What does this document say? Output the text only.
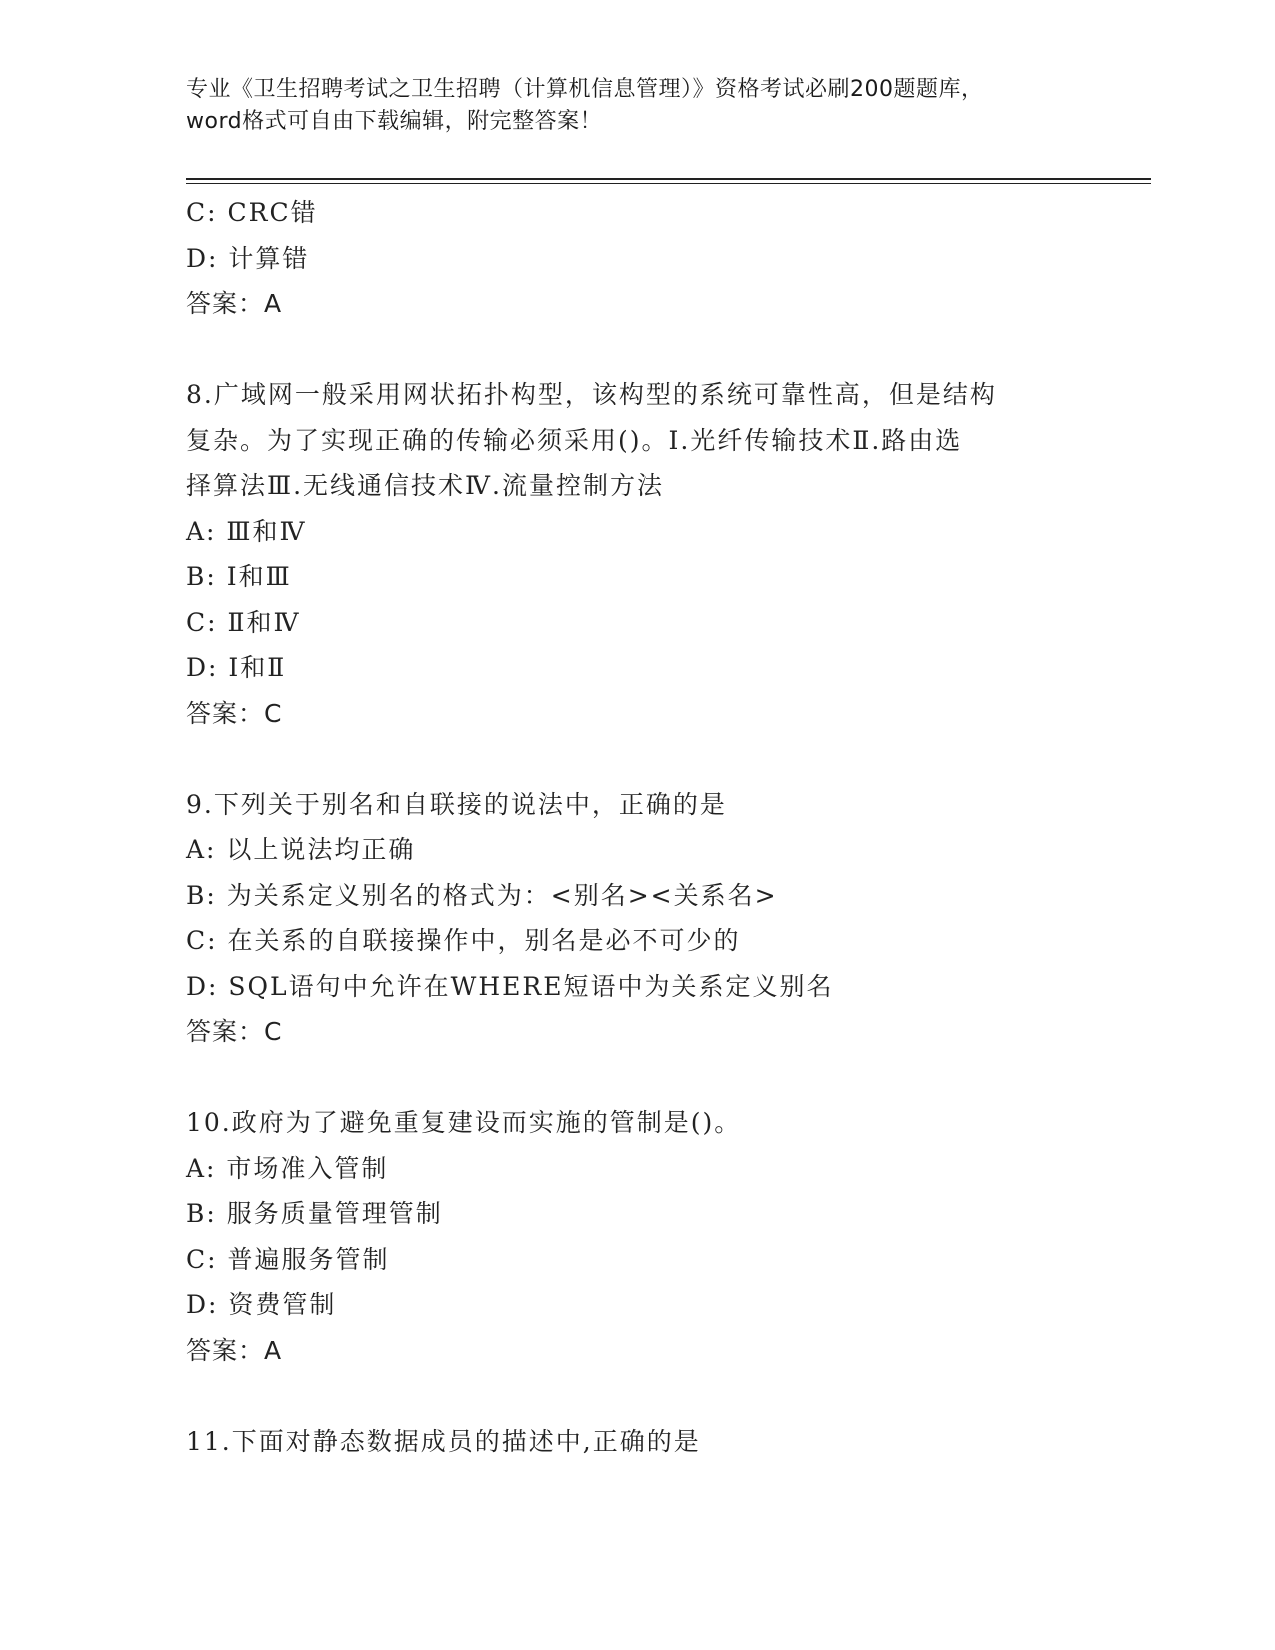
专业《卫生招聘考试之卫生招聘（计算机信息管理）》资格考试必刷200题题库，
word格式可自由下载编辑，附完整答案！
C: CRC错
D: 计算错
答案：A
8.广域网一般采用网状拓扑构型，该构型的系统可靠性高，但是结构
复杂。为了实现正确的传输必须采用()。Ⅰ.光纤传输技术Ⅱ.路由选
择算法Ⅲ.无线通信技术Ⅳ.流量控制方法
A: Ⅲ和Ⅳ
B: Ⅰ和Ⅲ
C: Ⅱ和Ⅳ
D: Ⅰ和Ⅱ
答案：C
9.下列关于别名和自联接的说法中，正确的是
A: 以上说法均正确
B: 为关系定义别名的格式为：<别名><关系名>
C: 在关系的自联接操作中，别名是必不可少的
D: SQL语句中允许在WHERE短语中为关系定义别名
答案：C
10.政府为了避免重复建设而实施的管制是()。
A: 市场准入管制
B: 服务质量管理管制
C: 普遍服务管制
D: 资费管制
答案：A
11.下面对静态数据成员的描述中,正确的是
